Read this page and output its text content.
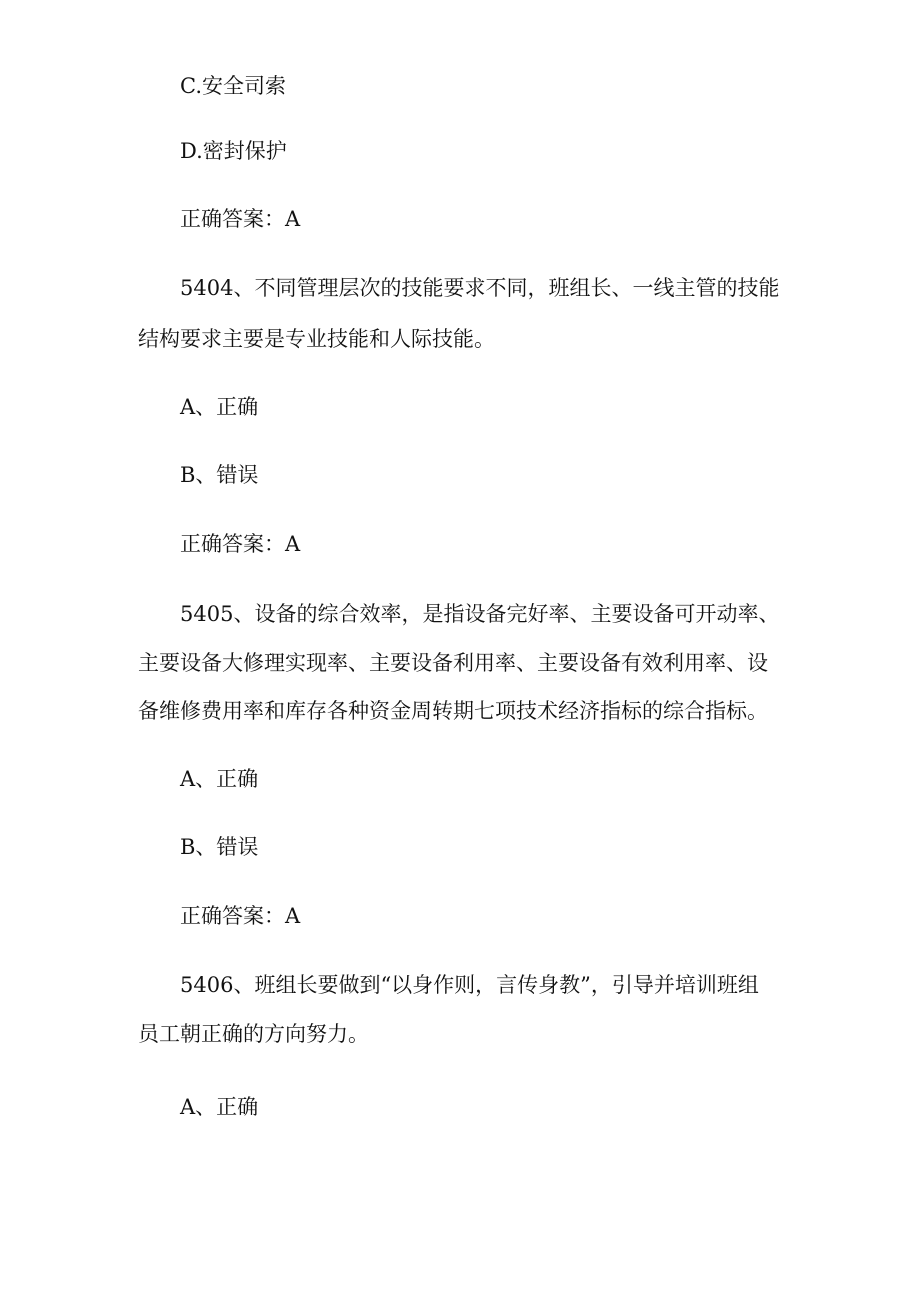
C.安全司索
D.密封保护
正确答案：A
5404、不同管理层次的技能要求不同，班组长、一线主管的技能
结构要求主要是专业技能和人际技能。
A、正确
B、错误
正确答案：A
5405、设备的综合效率，是指设备完好率、主要设备可开动率、
主要设备大修理实现率、主要设备利用率、主要设备有效利用率、设
备维修费用率和库存各种资金周转期七项技术经济指标的综合指标。
A、正确
B、错误
正确答案：A
5406、班组长要做到“以身作则，言传身教”，引导并培训班组
员工朝正确的方向努力。
A、正确
